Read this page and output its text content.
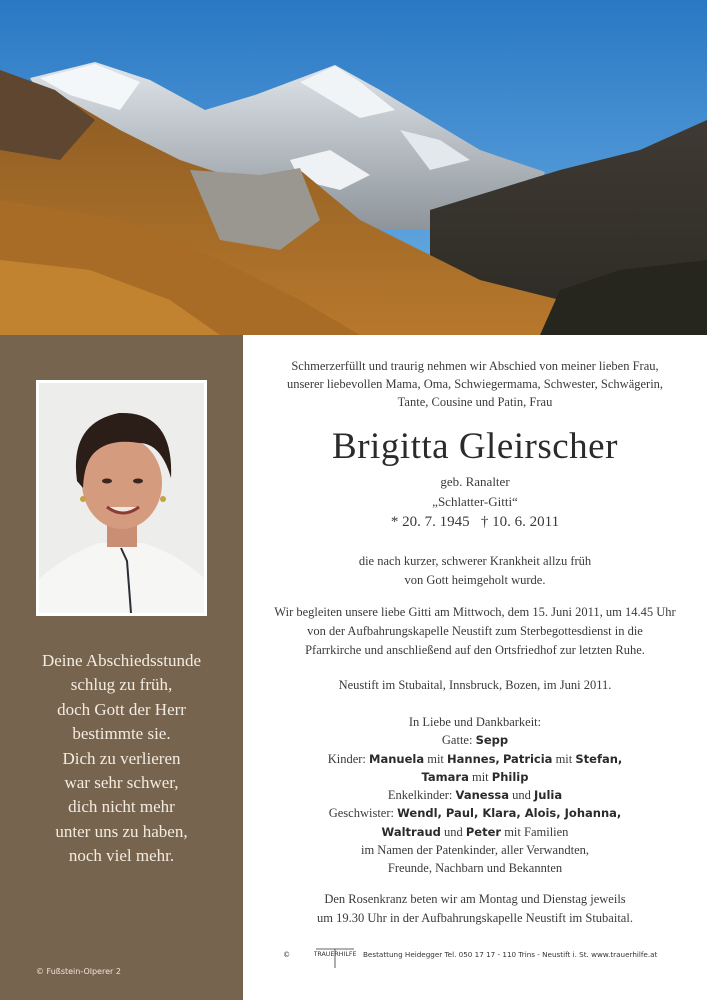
Deine Abschiedsstunde
schlug zu früh,
doch Gott der Herr
bestimmte sie.
Dich zu verlieren
war sehr schwer,
dich nicht mehr
unter uns zu haben,
noch viel mehr.
© Fußstein-Olperer 2
Schmerzerfüllt und traurig nehmen wir Abschied von meiner lieben Frau,
unserer liebevollen Mama, Oma, Schwiegermama, Schwester, Schwägerin,
Tante, Cousine und Patin, Frau
Brigitta Gleirscher
geb. Ranalter
„Schlatter-Gitti“
* 20. 7. 1945   † 10. 6. 2011
die nach kurzer, schwerer Krankheit allzu früh
von Gott heimgeholt wurde.
Wir begleiten unsere liebe Gitti am Mittwoch, dem 15. Juni 2011, um 14.45 Uhr
von der Aufbahrungskapelle Neustift zum Sterbegottesdienst in die
Pfarrkirche und anschließend auf den Ortsfriedhof zur letzten Ruhe.
Neustift im Stubaital, Innsbruck, Bozen, im Juni 2011.
In Liebe und Dankbarkeit:
Gatte: Sepp
Kinder: Manuela mit Hannes, Patricia mit Stefan,
Tamara mit Philip
Enkelkinder: Vanessa und Julia
Geschwister: Wendl, Paul, Klara, Alois, Johanna,
Waltraud und Peter mit Familien
im Namen der Patenkinder, aller Verwandten,
Freunde, Nachbarn und Bekannten
Den Rosenkranz beten wir am Montag und Dienstag jeweils
um 19.30 Uhr in der Aufbahrungskapelle Neustift im Stubaital.
©	TRAUERHILFE Bestattung Heidegger Tel. 050 17 17 - 110 Trins - Neustift i. St. www.trauerhilfe.at
